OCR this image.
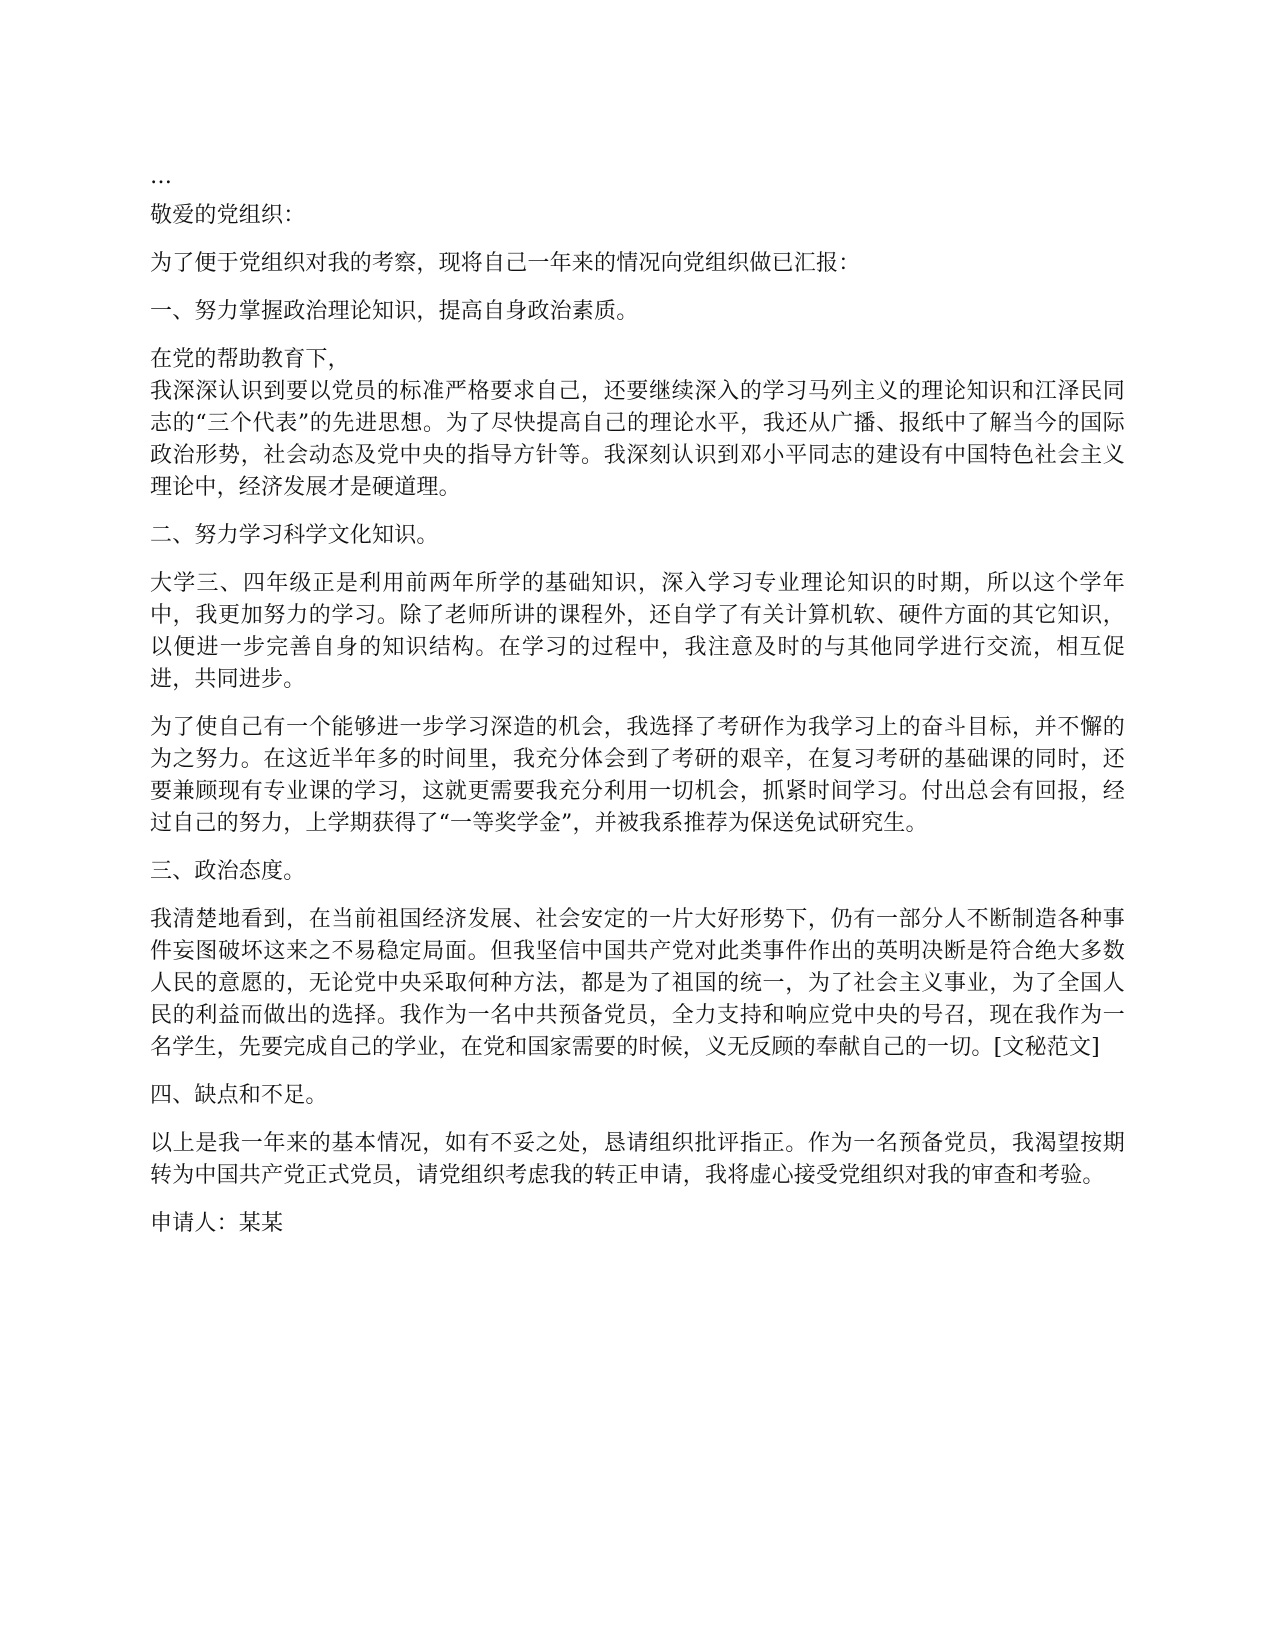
…

敬爱的党组织：

为了便于党组织对我的考察，现将自己一年来的情况向党组织做已汇报：

一、努力掌握政治理论知识，提高自身政治素质。

在党的帮助教育下，
我深深认识到要以党员的标准严格要求自己，还要继续深入的学习马列主义的理论知识和江泽民同志的“三个代表”的先进思想。为了尽快提高自己的理论水平，我还从广播、报纸中了解当今的国际政治形势，社会动态及党中央的指导方针等。我深刻认识到邓小平同志的建设有中国特色社会主义理论中，经济发展才是硬道理。

二、努力学习科学文化知识。

大学三、四年级正是利用前两年所学的基础知识，深入学习专业理论知识的时期，所以这个学年中，我更加努力的学习。除了老师所讲的课程外，还自学了有关计算机软、硬件方面的其它知识，以便进一步完善自身的知识结构。在学习的过程中，我注意及时的与其他同学进行交流，相互促进，共同进步。

为了使自己有一个能够进一步学习深造的机会，我选择了考研作为我学习上的奋斗目标，并不懈的为之努力。在这近半年多的时间里，我充分体会到了考研的艰辛，在复习考研的基础课的同时，还要兼顾现有专业课的学习，这就更需要我充分利用一切机会，抓紧时间学习。付出总会有回报，经过自己的努力，上学期获得了“一等奖学金”，并被我系推荐为保送免试研究生。

三、政治态度。

我清楚地看到，在当前祖国经济发展、社会安定的一片大好形势下，仍有一部分人不断制造各种事件妄图破坏这来之不易稳定局面。但我坚信中国共产党对此类事件作出的英明决断是符合绝大多数人民的意愿的，无论党中央采取何种方法，都是为了祖国的统一，为了社会主义事业，为了全国人民的利益而做出的选择。我作为一名中共预备党员，全力支持和响应党中央的号召，现在我作为一名学生，先要完成自己的学业，在党和国家需要的时候，义无反顾的奉献自己的一切。[文秘范文]

四、缺点和不足。

以上是我一年来的基本情况，如有不妥之处，恳请组织批评指正。作为一名预备党员，我渴望按期转为中国共产党正式党员，请党组织考虑我的转正申请，我将虚心接受党组织对我的审查和考验。

申请人：某某
